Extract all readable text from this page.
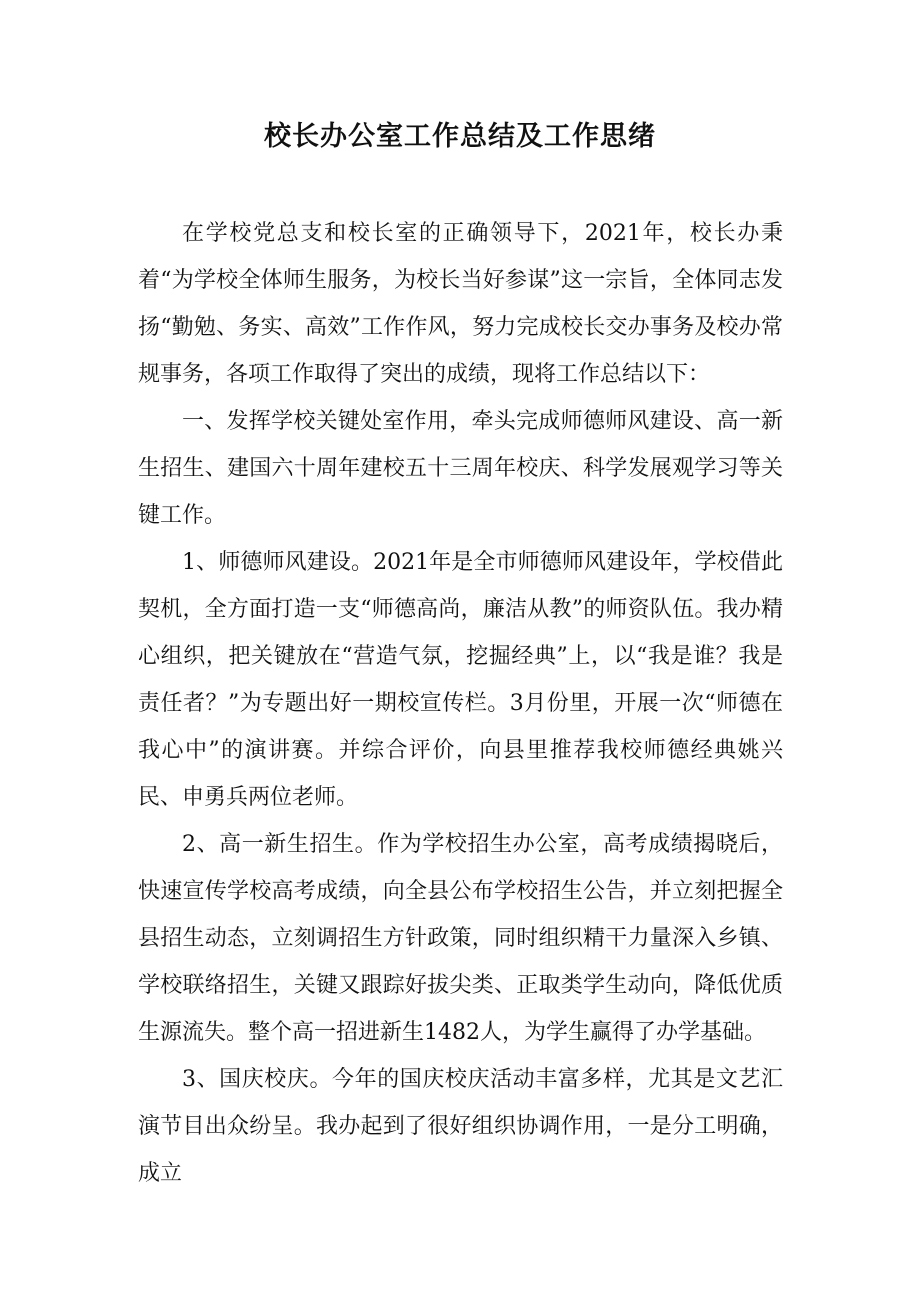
校长办公室工作总结及工作思绪

在学校党总支和校长室的正确领导下，2021年，校长办秉着“为学校全体师生服务，为校长当好参谋”这一宗旨，全体同志发扬“勤勉、务实、高效”工作作风，努力完成校长交办事务及校办常规事务，各项工作取得了突出的成绩，现将工作总结以下：

一、发挥学校关键处室作用，牵头完成师德师风建设、高一新生招生、建国六十周年建校五十三周年校庆、科学发展观学习等关键工作。

1、师德师风建设。2021年是全市师德师风建设年，学校借此契机，全方面打造一支“师德高尚，廉洁从教”的师资队伍。我办精心组织，把关键放在“营造气氛，挖掘经典”上，以“我是谁？我是责任者？”为专题出好一期校宣传栏。3月份里，开展一次“师德在我心中”的演讲赛。并综合评价，向县里推荐我校师德经典姚兴民、申勇兵两位老师。

2、高一新生招生。作为学校招生办公室，高考成绩揭晓后，快速宣传学校高考成绩，向全县公布学校招生公告，并立刻把握全县招生动态，立刻调招生方针政策，同时组织精干力量深入乡镇、学校联络招生，关键又跟踪好拔尖类、正取类学生动向，降低优质生源流失。整个高一招进新生1482人，为学生赢得了办学基础。

3、国庆校庆。今年的国庆校庆活动丰富多样，尤其是文艺汇演节目出众纷呈。我办起到了很好组织协调作用，一是分工明确，成立
